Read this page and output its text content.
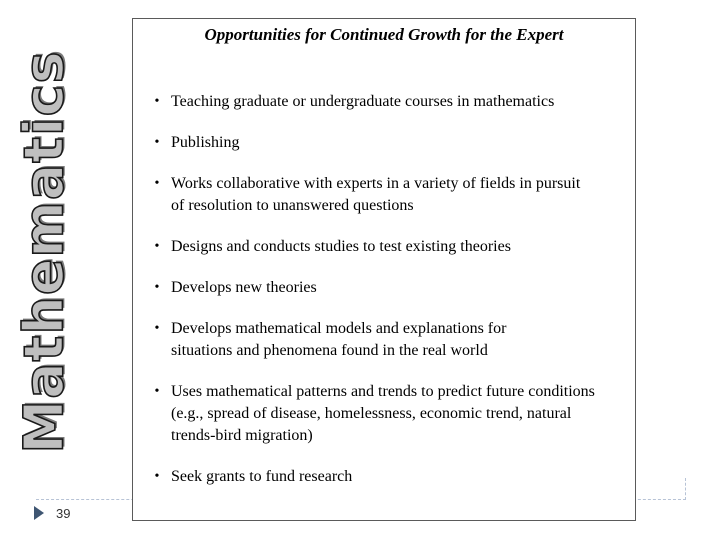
Mathematics
39
Opportunities for Continued Growth for the Expert
• Teaching graduate or undergraduate courses in mathematics
• Publishing
• Works collaborative with experts in a variety of fields in pursuit of resolution to unanswered questions
• Designs and conducts studies to test existing theories
• Develops new theories
• Develops mathematical models and explanations for situations and phenomena found in the real world
• Uses mathematical patterns and trends to predict future conditions (e.g., spread of disease, homelessness, economic trend, natural trends-bird migration)
• Seek grants to fund research
